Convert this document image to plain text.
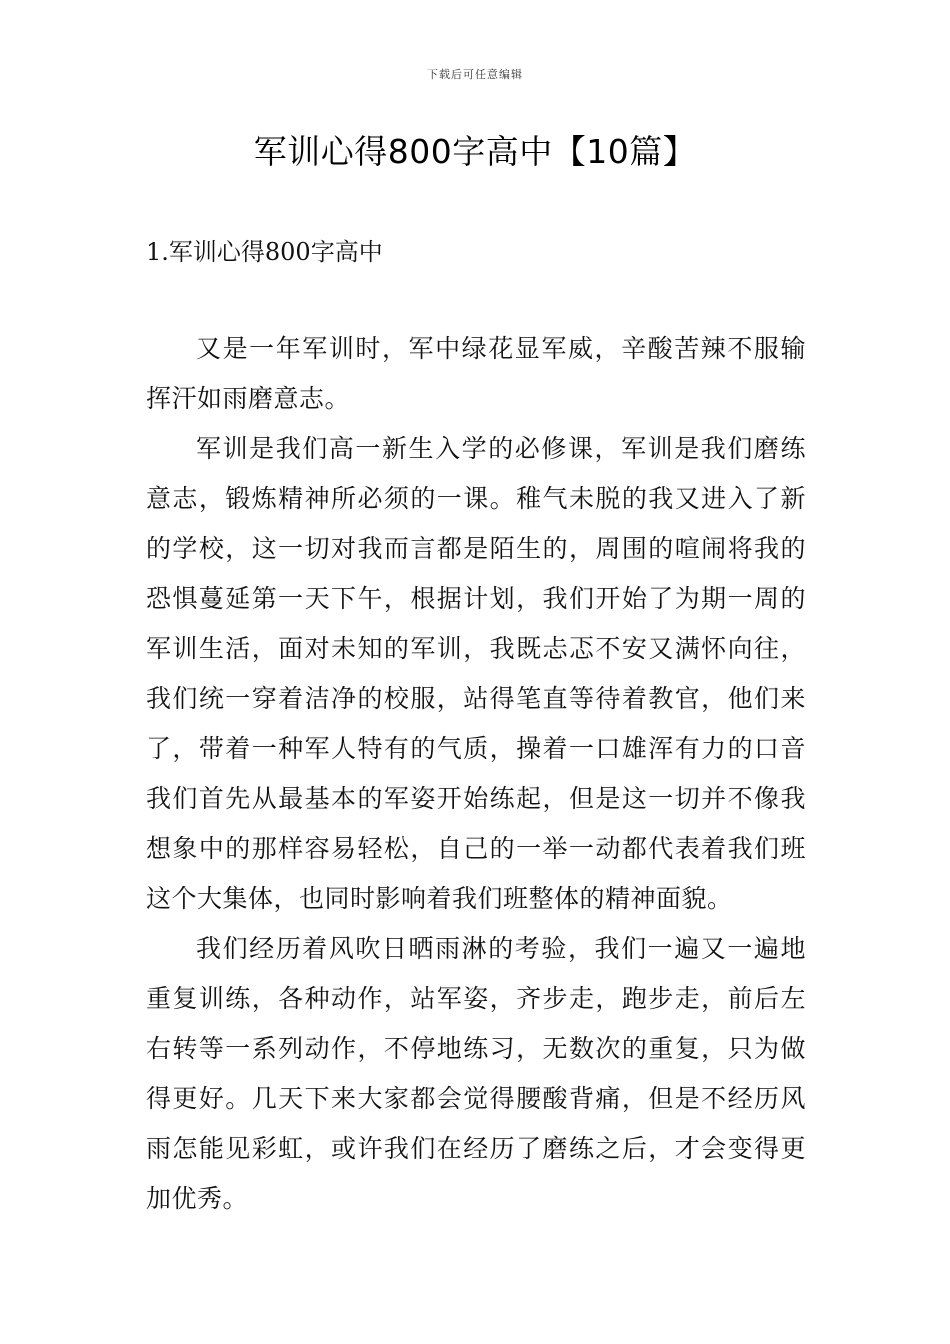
下载后可任意编辑
军训心得800字高中【10篇】
1.军训心得800字高中

又是一年军训时，军中绿花显军威，辛酸苦辣不服输挥汗如雨磨意志。

军训是我们高一新生入学的必修课，军训是我们磨练意志，锻炼精神所必须的一课。稚气未脱的我又进入了新的学校，这一切对我而言都是陌生的，周围的喧闹将我的恐惧蔓延第一天下午，根据计划，我们开始了为期一周的军训生活，面对未知的军训，我既忐忑不安又满怀向往，我们统一穿着洁净的校服，站得笔直等待着教官，他们来了，带着一种军人特有的气质，操着一口雄浑有力的口音我们首先从最基本的军姿开始练起，但是这一切并不像我想象中的那样容易轻松，自己的一举一动都代表着我们班这个大集体，也同时影响着我们班整体的精神面貌。

我们经历着风吹日晒雨淋的考验，我们一遍又一遍地重复训练，各种动作，站军姿，齐步走，跑步走，前后左右转等一系列动作，不停地练习，无数次的重复，只为做得更好。几天下来大家都会觉得腰酸背痛，但是不经历风雨怎能见彩虹，或许我们在经历了磨练之后，才会变得更加优秀。
